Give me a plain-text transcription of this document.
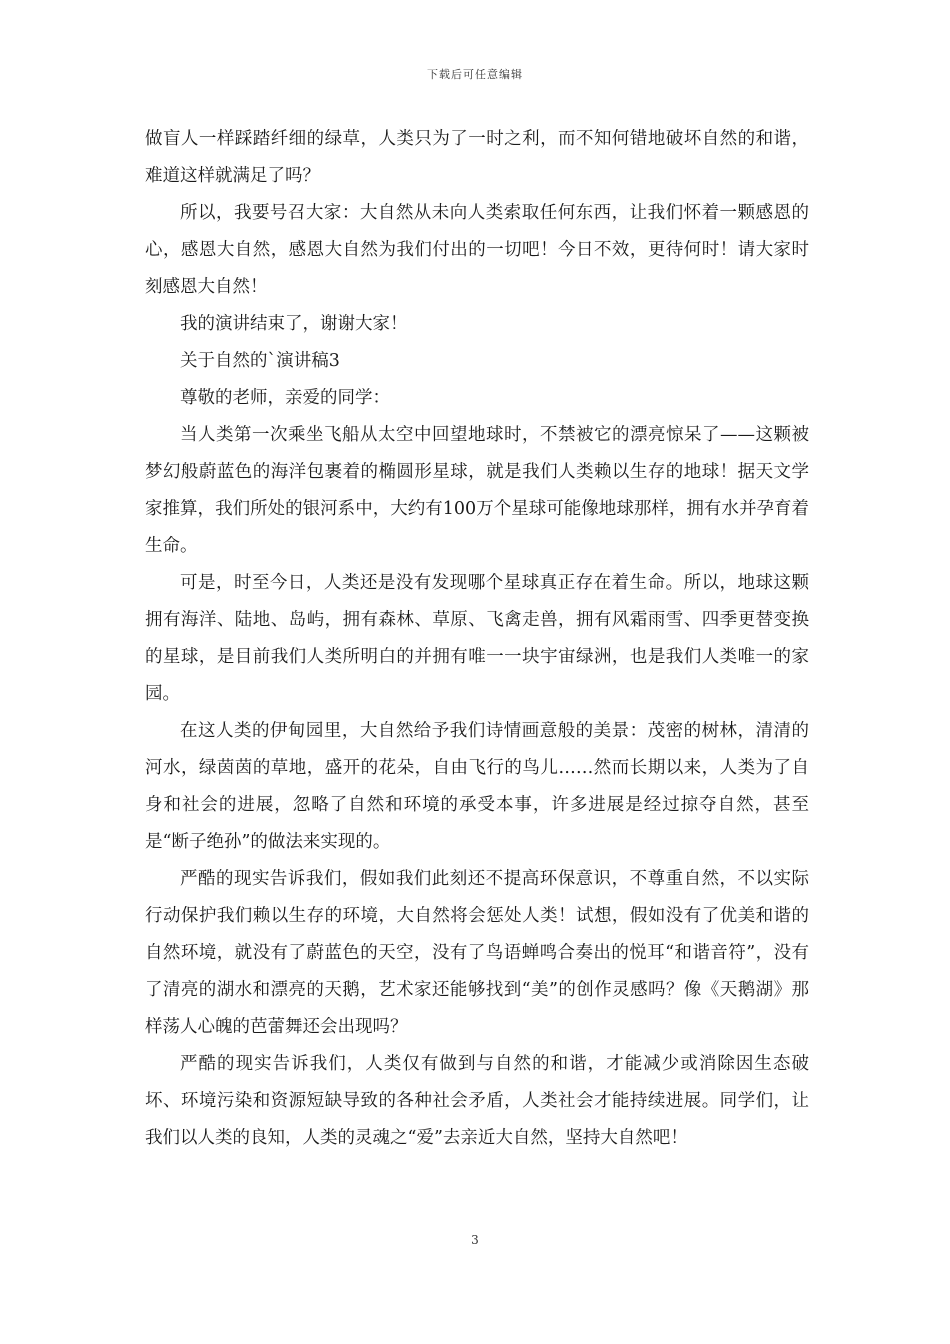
下载后可任意编辑

做盲人一样踩踏纤细的绿草，人类只为了一时之利，而不知何错地破坏自然的和谐，难道这样就满足了吗？

所以，我要号召大家：大自然从未向人类索取任何东西，让我们怀着一颗感恩的心，感恩大自然，感恩大自然为我们付出的一切吧！今日不效，更待何时！请大家时刻感恩大自然！

我的演讲结束了，谢谢大家！

关于自然的`演讲稿3

尊敬的老师，亲爱的同学：

当人类第一次乘坐飞船从太空中回望地球时，不禁被它的漂亮惊呆了——这颗被梦幻般蔚蓝色的海洋包裹着的椭圆形星球，就是我们人类赖以生存的地球！据天文学家推算，我们所处的银河系中，大约有100万个星球可能像地球那样，拥有水并孕育着生命。

可是，时至今日，人类还是没有发现哪个星球真正存在着生命。所以，地球这颗拥有海洋、陆地、岛屿，拥有森林、草原、飞禽走兽，拥有风霜雨雪、四季更替变换的星球，是目前我们人类所明白的并拥有唯一一块宇宙绿洲，也是我们人类唯一的家园。

在这人类的伊甸园里，大自然给予我们诗情画意般的美景：茂密的树林，清清的河水，绿茵茵的草地，盛开的花朵，自由飞行的鸟儿……然而长期以来，人类为了自身和社会的进展，忽略了自然和环境的承受本事，许多进展是经过掠夺自然，甚至是“断子绝孙”的做法来实现的。

严酷的现实告诉我们，假如我们此刻还不提高环保意识，不尊重自然，不以实际行动保护我们赖以生存的环境，大自然将会惩处人类！试想，假如没有了优美和谐的自然环境，就没有了蔚蓝色的天空，没有了鸟语蝉鸣合奏出的悦耳“和谐音符”，没有了清亮的湖水和漂亮的天鹅，艺术家还能够找到“美”的创作灵感吗？像《天鹅湖》那样荡人心魄的芭蕾舞还会出现吗？

严酷的现实告诉我们，人类仅有做到与自然的和谐，才能减少或消除因生态破坏、环境污染和资源短缺导致的各种社会矛盾，人类社会才能持续进展。同学们，让我们以人类的良知，人类的灵魂之“爱”去亲近大自然，坚持大自然吧！

3
